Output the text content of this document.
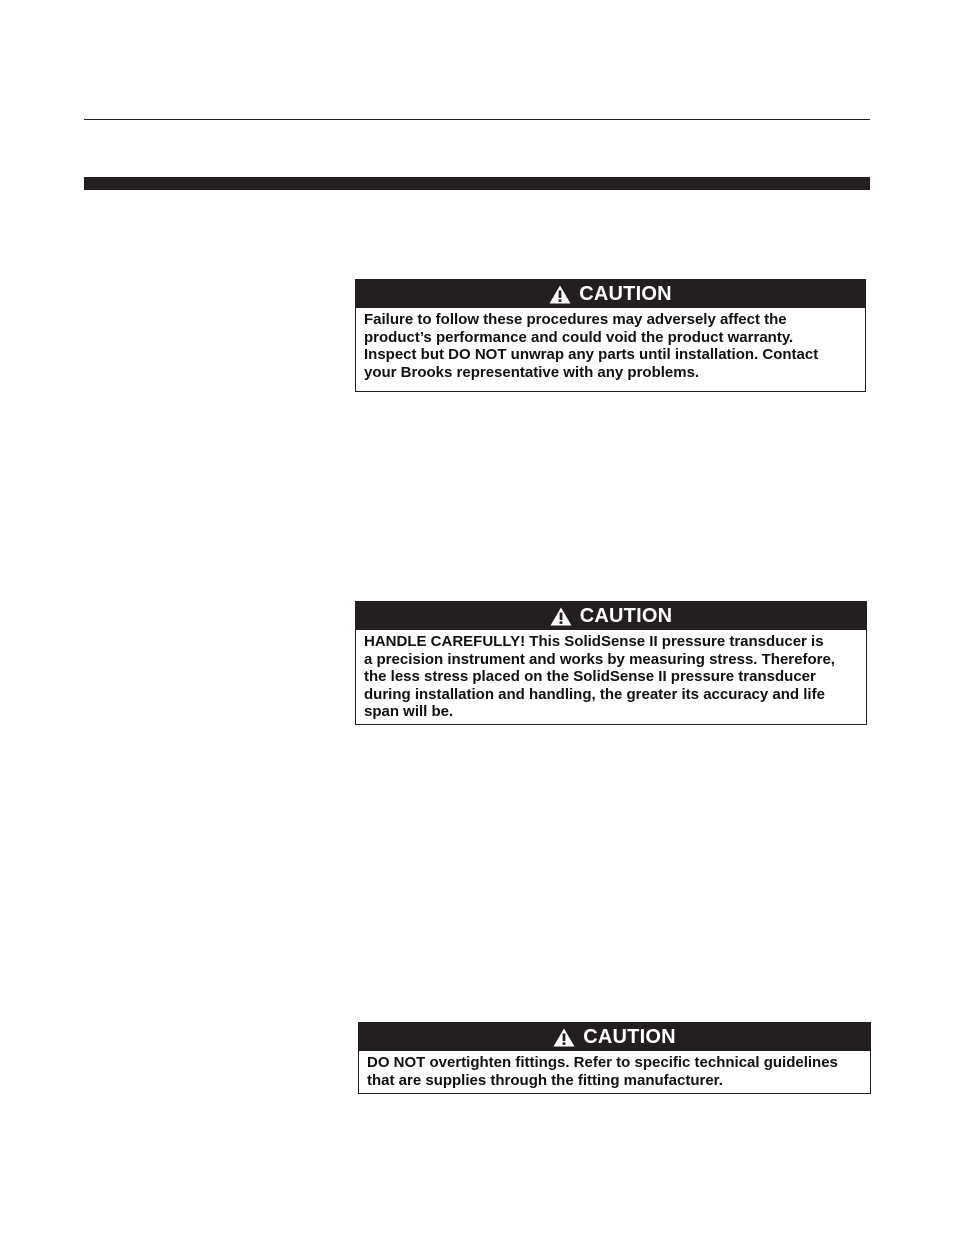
CAUTION
Failure to follow these procedures may adversely affect the
product’s performance and could void the product warranty.
Inspect but DO NOT unwrap any parts until installation. Contact
your Brooks representative with any problems.
CAUTION
HANDLE CAREFULLY! This SolidSense II pressure transducer is
a precision instrument and works by measuring stress. Therefore,
the less stress placed on the SolidSense II pressure transducer
during installation and handling, the greater its accuracy and life
span will be.
CAUTION
DO NOT overtighten fittings. Refer to specific technical guidelines
that are supplies through the fitting manufacturer.
